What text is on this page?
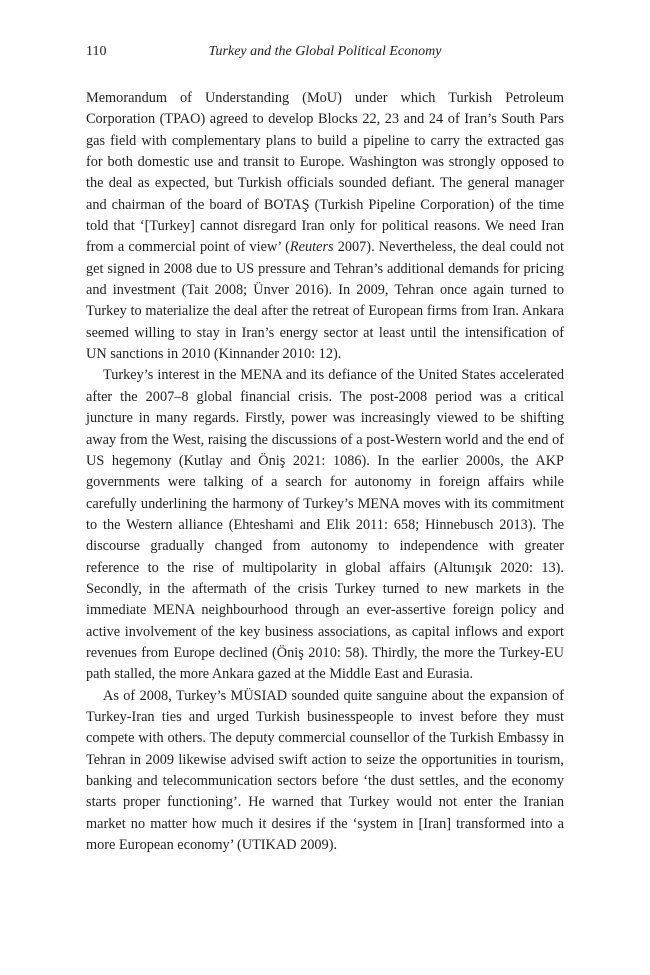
110	Turkey and the Global Political Economy

Memorandum of Understanding (MoU) under which Turkish Petroleum Corporation (TPAO) agreed to develop Blocks 22, 23 and 24 of Iran’s South Pars gas field with complementary plans to build a pipeline to carry the extracted gas for both domestic use and transit to Europe. Washington was strongly opposed to the deal as expected, but Turkish officials sounded defiant. The general manager and chairman of the board of BOTAŞ (Turkish Pipeline Corporation) of the time told that ‘[Turkey] cannot disregard Iran only for political reasons. We need Iran from a commercial point of view’ (Reuters 2007). Nevertheless, the deal could not get signed in 2008 due to US pressure and Tehran’s additional demands for pricing and investment (Tait 2008; Ünver 2016). In 2009, Tehran once again turned to Turkey to materialize the deal after the retreat of European firms from Iran. Ankara seemed willing to stay in Iran’s energy sector at least until the intensification of UN sanctions in 2010 (Kinnander 2010: 12).

Turkey’s interest in the MENA and its defiance of the United States accelerated after the 2007–8 global financial crisis. The post-2008 period was a critical juncture in many regards. Firstly, power was increasingly viewed to be shifting away from the West, raising the discussions of a post-Western world and the end of US hegemony (Kutlay and Öniş 2021: 1086). In the earlier 2000s, the AKP governments were talking of a search for autonomy in foreign affairs while carefully underlining the harmony of Turkey’s MENA moves with its commitment to the Western alliance (Ehteshami and Elik 2011: 658; Hinnebusch 2013). The discourse gradually changed from autonomy to independence with greater reference to the rise of multipolarity in global affairs (Altunışık 2020: 13). Secondly, in the aftermath of the crisis Turkey turned to new markets in the immediate MENA neighbourhood through an ever-assertive foreign policy and active involvement of the key business associations, as capital inflows and export revenues from Europe declined (Öniş 2010: 58). Thirdly, the more the Turkey-EU path stalled, the more Ankara gazed at the Middle East and Eurasia.

As of 2008, Turkey’s MÜSIAD sounded quite sanguine about the expansion of Turkey-Iran ties and urged Turkish businesspeople to invest before they must compete with others. The deputy commercial counsellor of the Turkish Embassy in Tehran in 2009 likewise advised swift action to seize the opportunities in tourism, banking and telecommunication sectors before ‘the dust settles, and the economy starts proper functioning’. He warned that Turkey would not enter the Iranian market no matter how much it desires if the ‘system in [Iran] transformed into a more European economy’ (UTIKAD 2009).
